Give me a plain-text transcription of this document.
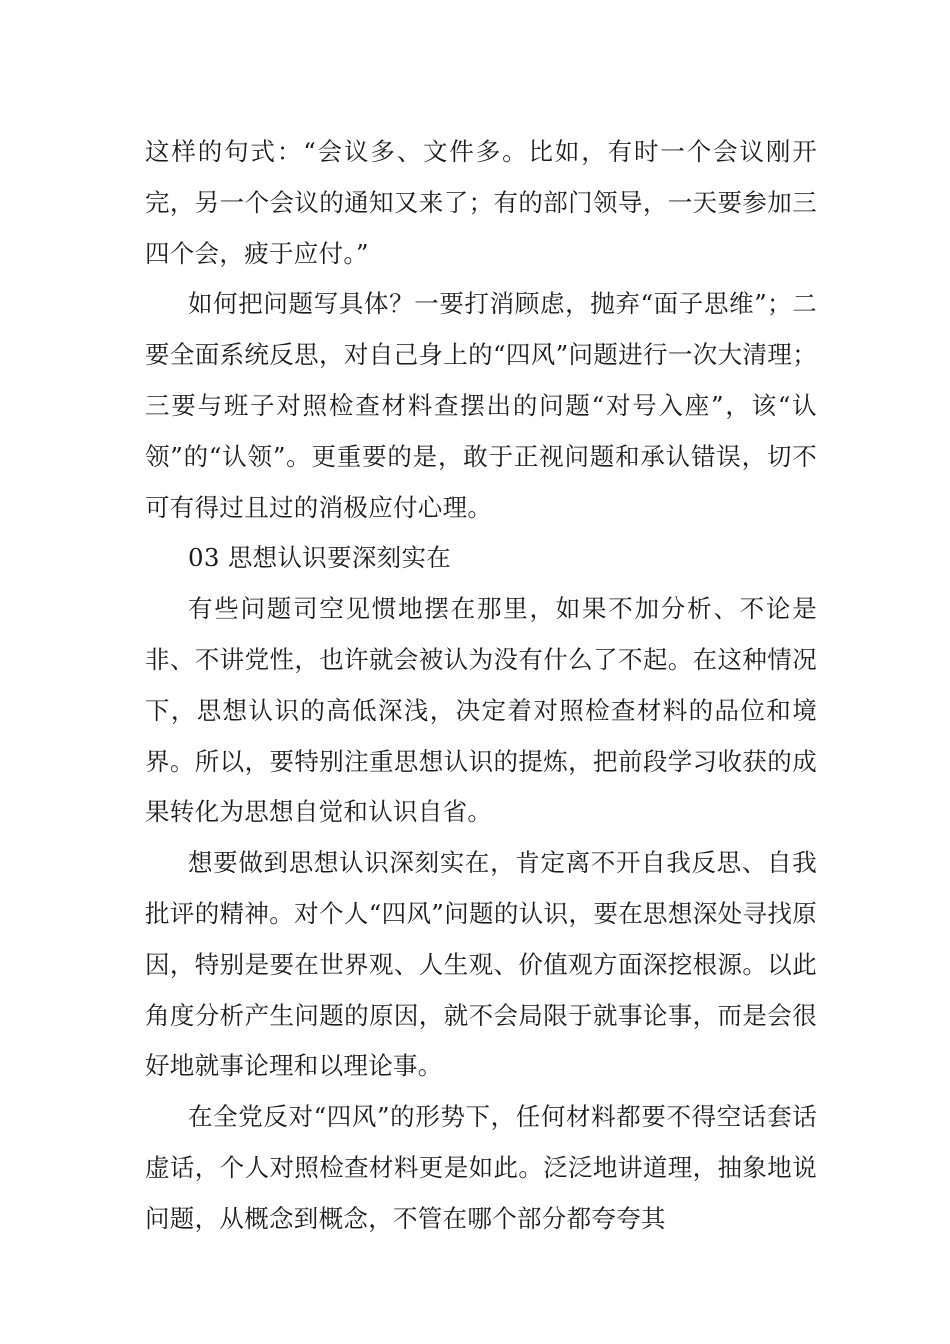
这样的句式：“会议多、文件多。比如，有时一个会议刚开完，另一个会议的通知又来了；有的部门领导，一天要参加三四个会，疲于应付。”

如何把问题写具体？一要打消顾虑，抛弃“面子思维”；二要全面系统反思，对自己身上的“四风”问题进行一次大清理；三要与班子对照检查材料查摆出的问题“对号入座”，该“认领”的“认领”。更重要的是，敢于正视问题和承认错误，切不可有得过且过的消极应付心理。

03 思想认识要深刻实在

有些问题司空见惯地摆在那里，如果不加分析、不论是非、不讲党性，也许就会被认为没有什么了不起。在这种情况下，思想认识的高低深浅，决定着对照检查材料的品位和境界。所以，要特别注重思想认识的提炼，把前段学习收获的成果转化为思想自觉和认识自省。

想要做到思想认识深刻实在，肯定离不开自我反思、自我批评的精神。对个人“四风”问题的认识，要在思想深处寻找原因，特别是要在世界观、人生观、价值观方面深挖根源。以此角度分析产生问题的原因，就不会局限于就事论事，而是会很好地就事论理和以理论事。

在全党反对“四风”的形势下，任何材料都要不得空话套话虚话，个人对照检查材料更是如此。泛泛地讲道理，抽象地说问题，从概念到概念，不管在哪个部分都夸夸其
